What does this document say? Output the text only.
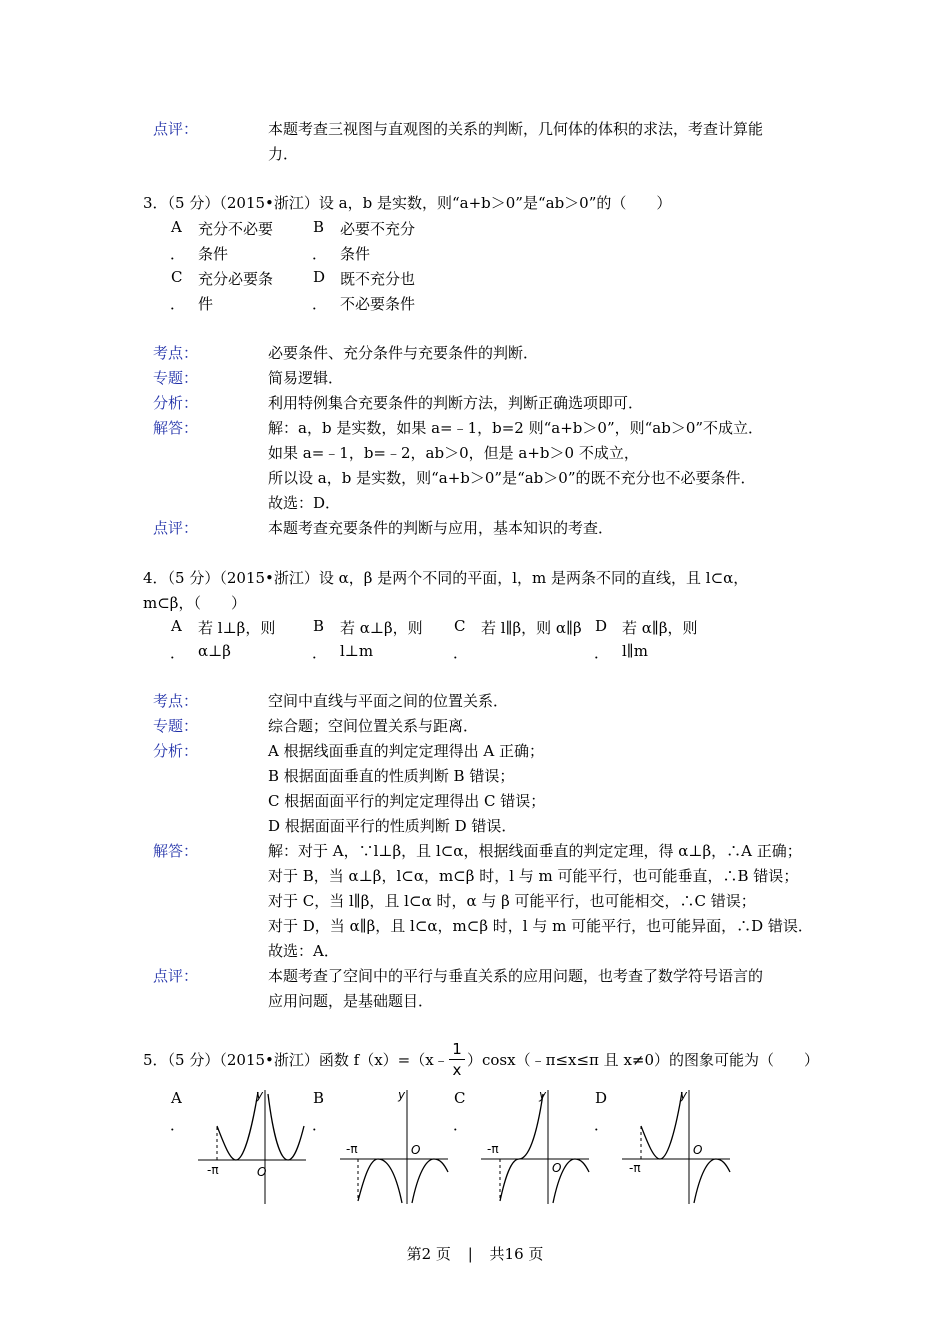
点评：	本题考查三视图与直观图的关系的判断，几何体的体积的求法，考查计算能
力．
3．（5 分）（2015•浙江）设 a，b 是实数，则“a+b＞0”是“ab＞0”的（　　）
A 充分不必要
． 条件
B 必要不充分
． 条件
C 充分必要条
． 件
D 既不充分也
． 不必要条件
考点：	必要条件、充分条件与充要条件的判断．
专题：	简易逻辑．
分析：	利用特例集合充要条件的判断方法，判断正确选项即可．
解答：	解：a，b 是实数，如果 a=﹣1，b=2 则“a+b＞0”，则“ab＞0”不成立．
如果 a=﹣1，b=﹣2，ab＞0，但是 a+b＞0 不成立，
所以设 a，b 是实数，则“a+b＞0”是“ab＞0”的既不充分也不必要条件．
故选：D．
点评：	本题考查充要条件的判断与应用，基本知识的考查．
4．（5 分）（2015•浙江）设 α，β 是两个不同的平面，l，m 是两条不同的直线，且 l⊂α，
m⊂β，（　　）
A 若 l⊥β，则
． α⊥β
B 若 α⊥β，则
． l⊥m
C 若 l∥β，则 α∥β
．
D 若 α∥β，则
． l∥m
考点：	空间中直线与平面之间的位置关系．
专题：	综合题；空间位置关系与距离．
分析：	A 根据线面垂直的判定定理得出 A 正确；
B 根据面面垂直的性质判断 B 错误；
C 根据面面平行的判定定理得出 C 错误；
D 根据面面平行的性质判断 D 错误．
解答：	解：对于 A，∵l⊥β，且 l⊂α，根据线面垂直的判定定理，得 α⊥β，∴A 正确；
对于 B，当 α⊥β，l⊂α，m⊂β 时，l 与 m 可能平行，也可能垂直，∴B 错误；
对于 C，当 l∥β，且 l⊂α 时，α 与 β 可能平行，也可能相交，∴C 错误；
对于 D，当 α∥β，且 l⊂α，m⊂β 时，l 与 m 可能平行，也可能异面，∴D 错误．
故选：A．
点评：	本题考查了空间中的平行与垂直关系的应用问题，也考查了数学符号语言的
应用问题，是基础题目．
5．（5 分）（2015•浙江）函数 f（x）=（x﹣
1
x
）cosx（﹣π≤x≤π 且 x≠0）的图象可能为（　　）
A
．
B
．
C
．
D
．
y
O
-π
y
O
-π
y
O
-π
y
O
-π
第2 页 | 共16 页
